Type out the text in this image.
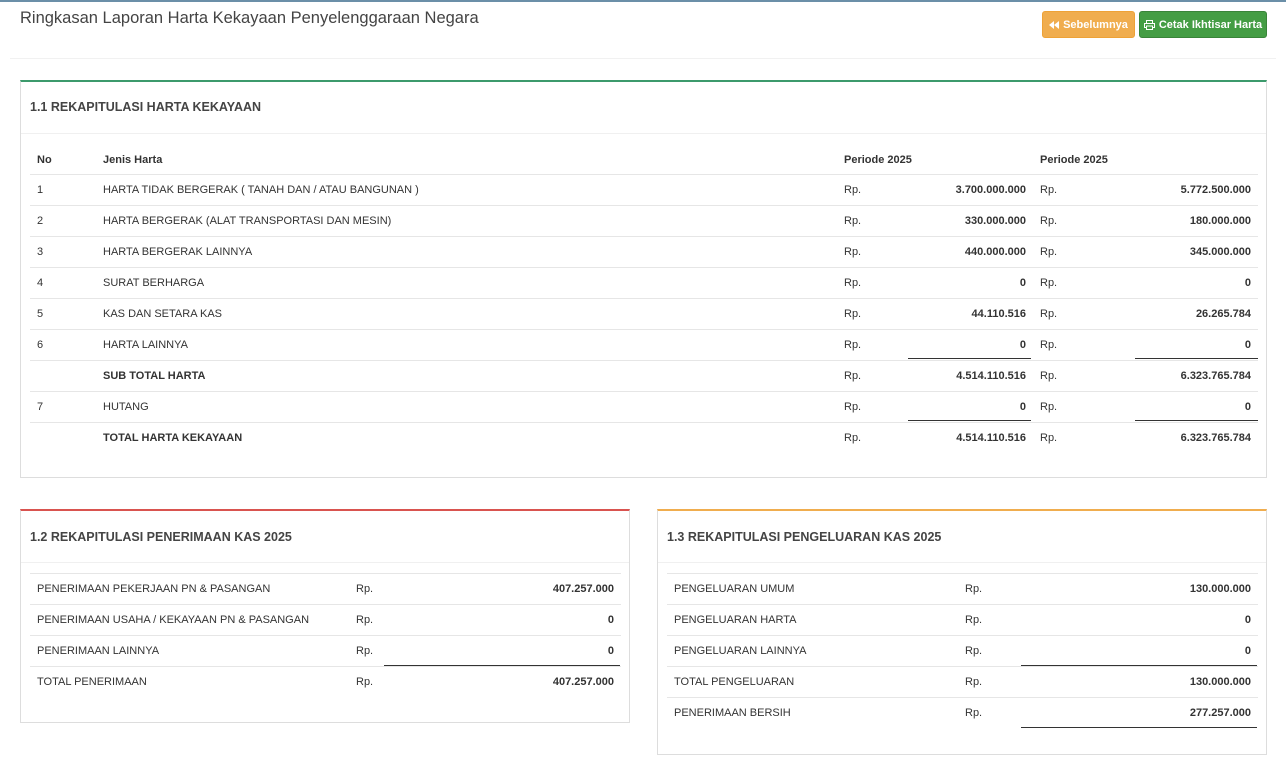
Ringkasan Laporan Harta Kekayaan Penyelenggaraan Negara	Sebelumnya	Cetak Ikhtisar Harta
1.1 REKAPITULASI HARTA KEKAYAAN
No	Jenis Harta	Periode 2025		Periode 2025	
1	HARTA TIDAK BERGERAK ( TANAH DAN / ATAU BANGUNAN )	Rp.	3.700.000.000	Rp.	5.772.500.000
2	HARTA BERGERAK (ALAT TRANSPORTASI DAN MESIN)	Rp.	330.000.000	Rp.	180.000.000
3	HARTA BERGERAK LAINNYA	Rp.	440.000.000	Rp.	345.000.000
4	SURAT BERHARGA	Rp.	0	Rp.	0
5	KAS DAN SETARA KAS	Rp.	44.110.516	Rp.	26.265.784
6	HARTA LAINNYA	Rp.	0	Rp.	0
	SUB TOTAL HARTA	Rp.	4.514.110.516	Rp.	6.323.765.784
7	HUTANG	Rp.	0	Rp.	0
	TOTAL HARTA KEKAYAAN	Rp.	4.514.110.516	Rp.	6.323.765.784
1.2 REKAPITULASI PENERIMAAN KAS 2025
PENERIMAAN PEKERJAAN PN & PASANGAN	Rp.	407.257.000
PENERIMAAN USAHA / KEKAYAAN PN & PASANGAN	Rp.	0
PENERIMAAN LAINNYA	Rp.	0
TOTAL PENERIMAAN	Rp.	407.257.000
1.3 REKAPITULASI PENGELUARAN KAS 2025
PENGELUARAN UMUM	Rp.	130.000.000
PENGELUARAN HARTA	Rp.	0
PENGELUARAN LAINNYA	Rp.	0
TOTAL PENGELUARAN	Rp.	130.000.000
PENERIMAAN BERSIH	Rp.	277.257.000
